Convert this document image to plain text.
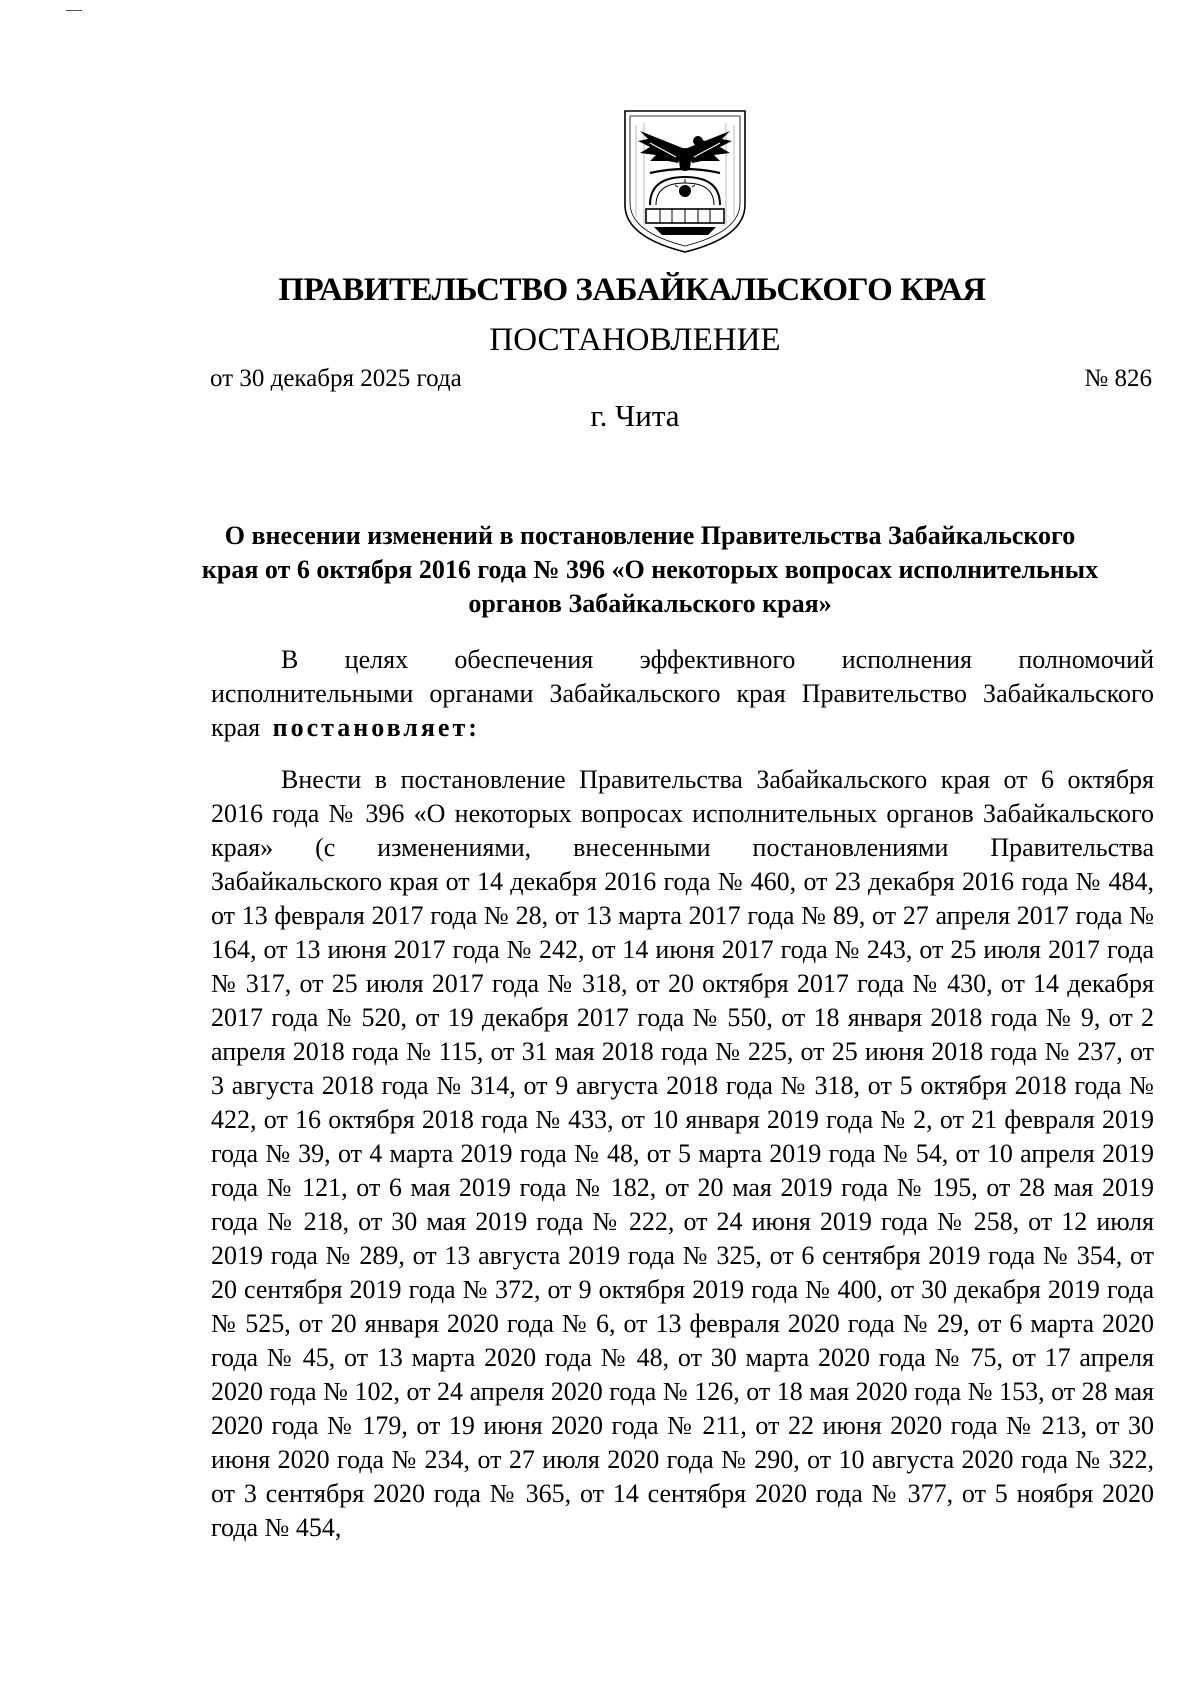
ПРАВИТЕЛЬСТВО ЗАБАЙКАЛЬСКОГО КРАЯ
ПОСТАНОВЛЕНИЕ
от 30 декабря 2025 года	№ 826
г. Чита
О внесении изменений в постановление Правительства Забайкальского края от 6 октября 2016 года № 396 «О некоторых вопросах исполнительных органов Забайкальского края»

В целях обеспечения эффективного исполнения полномочий исполнительными органами Забайкальского края Правительство Забайкальского края постановляет:

Внести в постановление Правительства Забайкальского края от 6 октября 2016 года № 396 «О некоторых вопросах исполнительных органов Забайкальского края» (с изменениями, внесенными постановлениями Правительства Забайкальского края от 14 декабря 2016 года № 460, от 23 декабря 2016 года № 484, от 13 февраля 2017 года № 28, от 13 марта 2017 года № 89, от 27 апреля 2017 года № 164, от 13 июня 2017 года № 242, от 14 июня 2017 года № 243, от 25 июля 2017 года № 317, от 25 июля 2017 года № 318, от 20 октября 2017 года № 430, от 14 декабря 2017 года № 520, от 19 декабря 2017 года № 550, от 18 января 2018 года № 9, от 2 апреля 2018 года № 115, от 31 мая 2018 года № 225, от 25 июня 2018 года № 237, от 3 августа 2018 года № 314, от 9 августа 2018 года № 318, от 5 октября 2018 года № 422, от 16 октября 2018 года № 433, от 10 января 2019 года № 2, от 21 февраля 2019 года № 39, от 4 марта 2019 года № 48, от 5 марта 2019 года № 54, от 10 апреля 2019 года № 121, от 6 мая 2019 года № 182, от 20 мая 2019 года № 195, от 28 мая 2019 года № 218, от 30 мая 2019 года № 222, от 24 июня 2019 года № 258, от 12 июля 2019 года № 289, от 13 августа 2019 года № 325, от 6 сентября 2019 года № 354, от 20 сентября 2019 года № 372, от 9 октября 2019 года № 400, от 30 декабря 2019 года № 525, от 20 января 2020 года № 6, от 13 февраля 2020 года № 29, от 6 марта 2020 года № 45, от 13 марта 2020 года № 48, от 30 марта 2020 года № 75, от 17 апреля 2020 года № 102, от 24 апреля 2020 года № 126, от 18 мая 2020 года № 153, от 28 мая 2020 года № 179, от 19 июня 2020 года № 211, от 22 июня 2020 года № 213, от 30 июня 2020 года № 234, от 27 июля 2020 года № 290, от 10 августа 2020 года № 322, от 3 сентября 2020 года № 365, от 14 сентября 2020 года № 377, от 5 ноября 2020 года № 454,
